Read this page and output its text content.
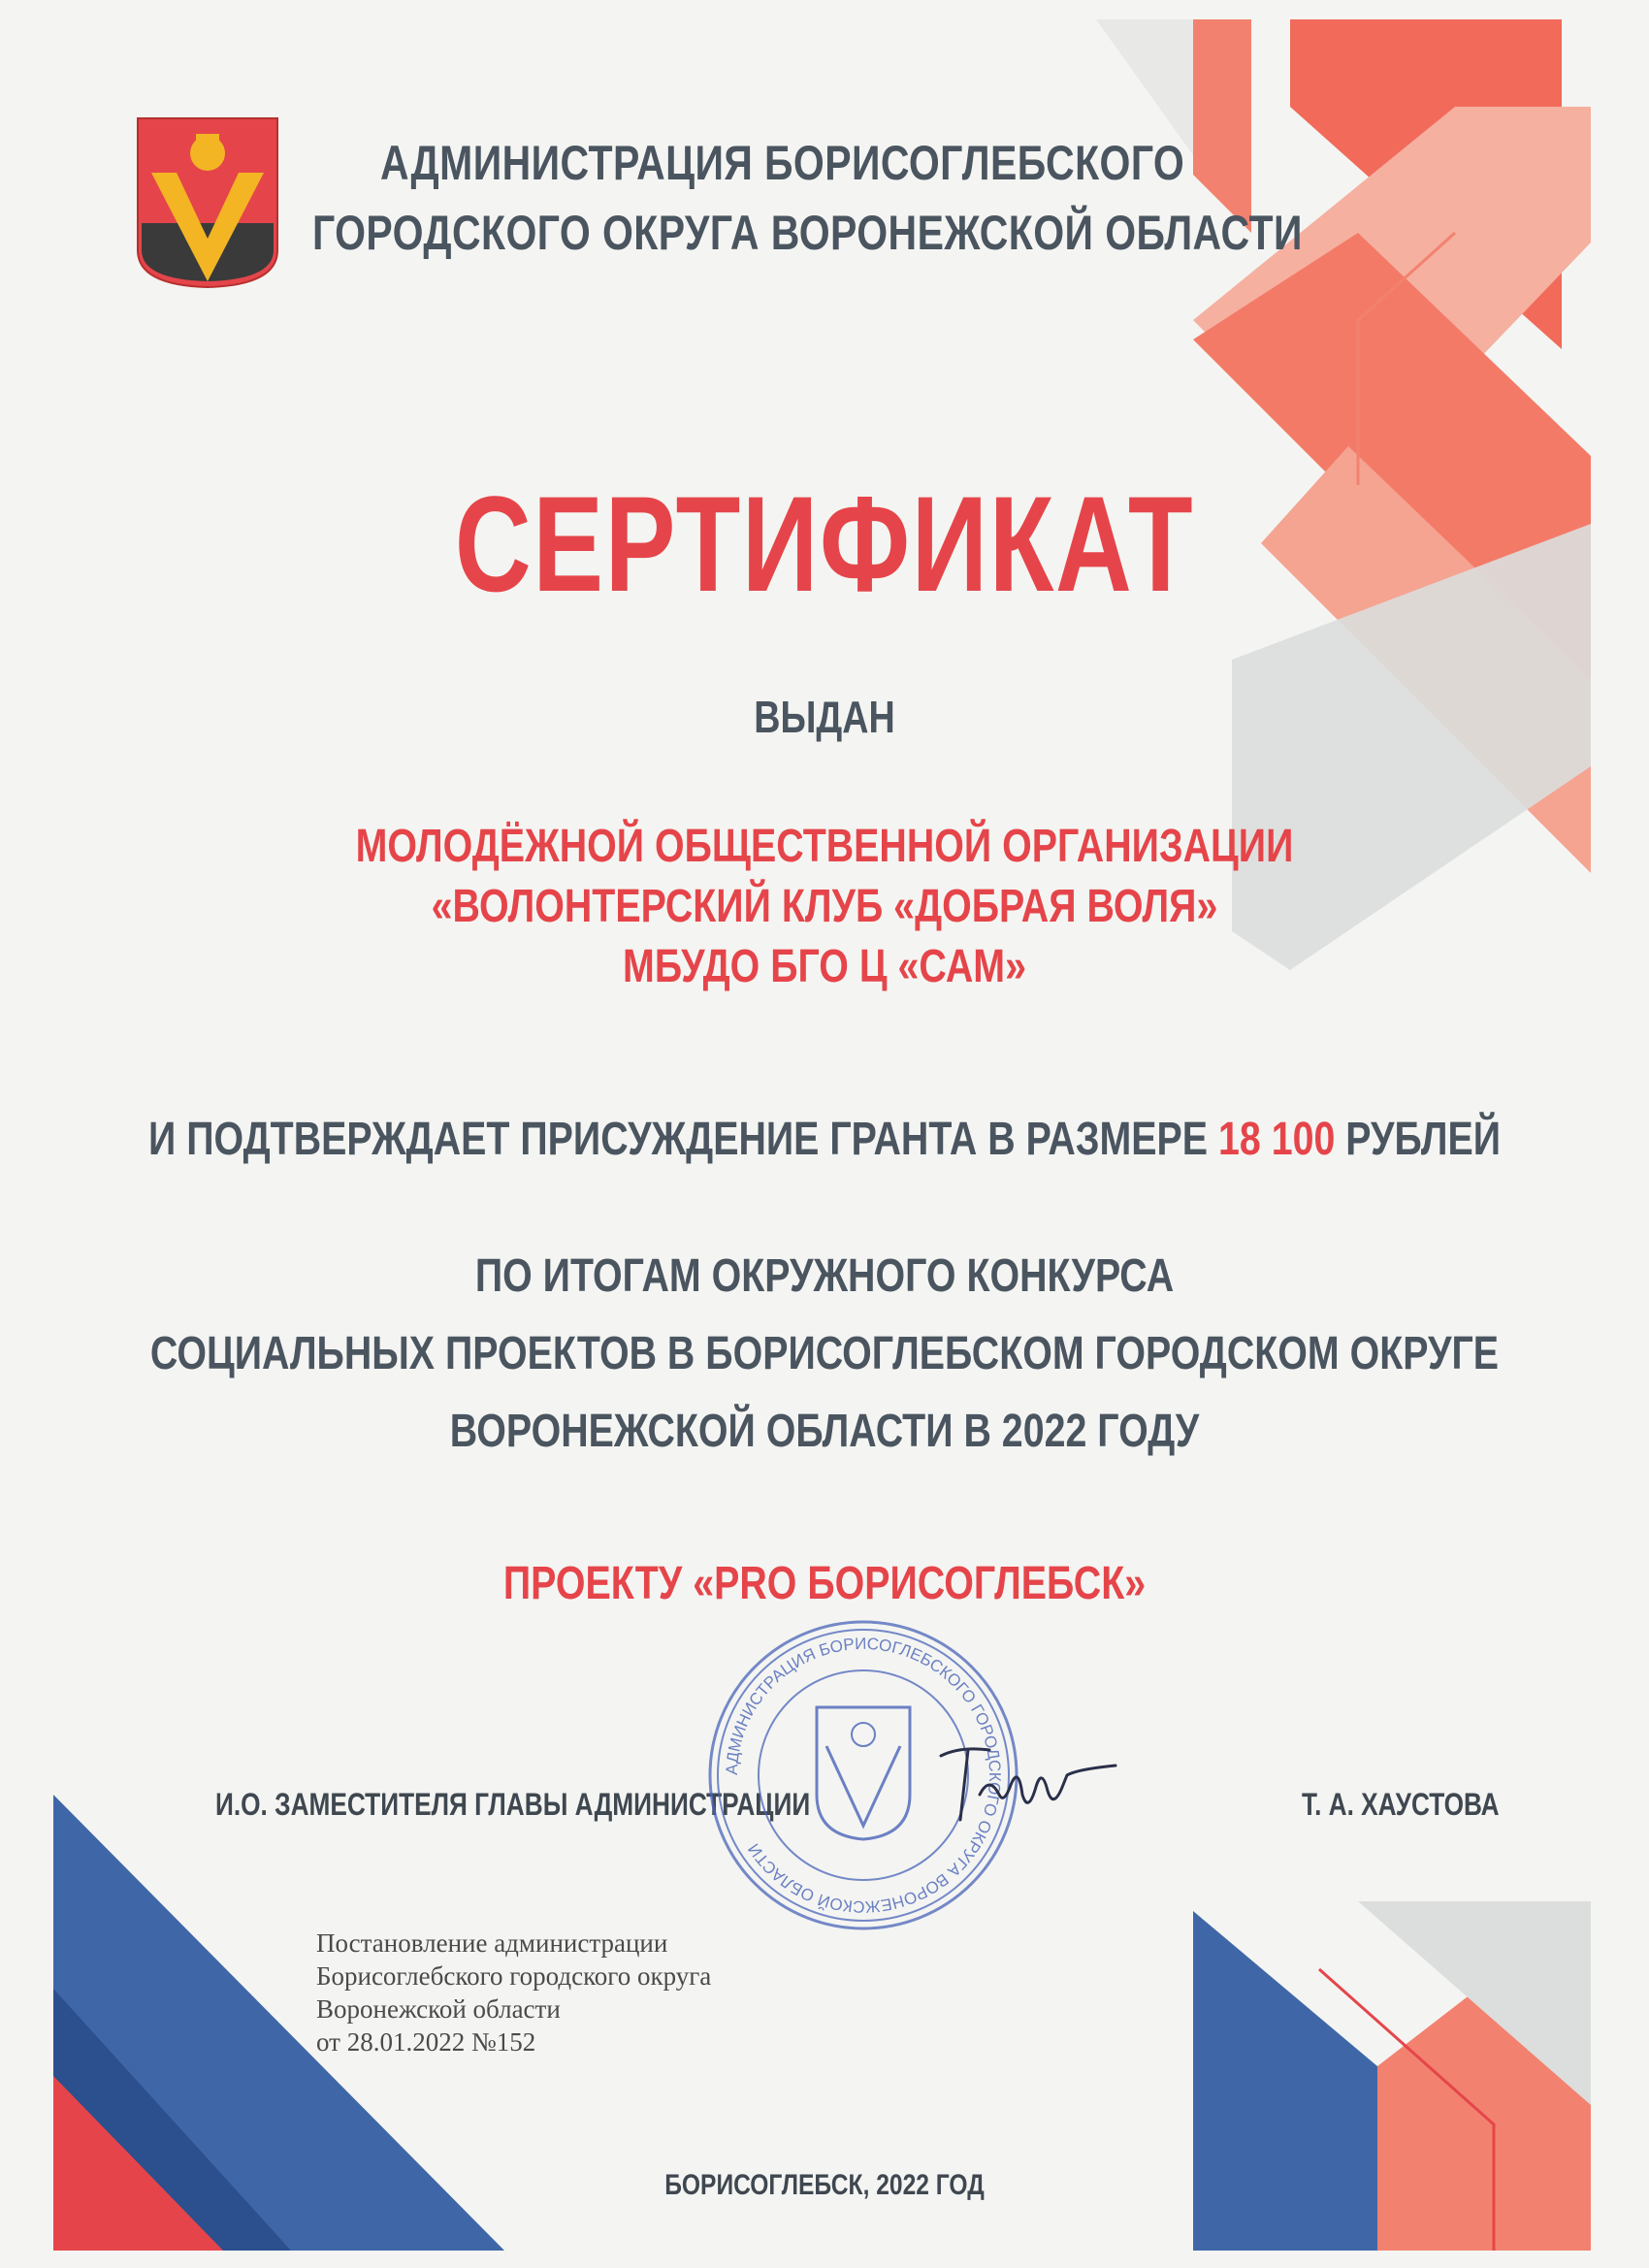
АДМИНИСТРАЦИЯ БОРИСОГЛЕБСКОГО
ГОРОДСКОГО ОКРУГА ВОРОНЕЖСКОЙ ОБЛАСТИ
СЕРТИФИКАТ
ВЫДАН
МОЛОДЁЖНОЙ ОБЩЕСТВЕННОЙ ОРГАНИЗАЦИИ
«ВОЛОНТЕРСКИЙ КЛУБ «ДОБРАЯ ВОЛЯ»
МБУДО БГО Ц «САМ»
И ПОДТВЕРЖДАЕТ ПРИСУЖДЕНИЕ ГРАНТА В РАЗМЕРЕ 18 100 РУБЛЕЙ
ПО ИТОГАМ ОКРУЖНОГО КОНКУРСА
СОЦИАЛЬНЫХ ПРОЕКТОВ В БОРИСОГЛЕБСКОМ ГОРОДСКОМ ОКРУГЕ
ВОРОНЕЖСКОЙ ОБЛАСТИ В 2022 ГОДУ
ПРОЕКТУ «PRO БОРИСОГЛЕБСК»
И.О. ЗАМЕСТИТЕЛЯ ГЛАВЫ АДМИНИСТРАЦИИ	Т. А. ХАУСТОВА
АДМИНИСТРАЦИЯ БОРИСОГЛЕБСКОГО ГОРОДСКОГО ОКРУГА ВОРОНЕЖСКОЙ ОБЛАСТИ
Постановление администрации
Борисоглебского городского округа
Воронежской области
от 28.01.2022 №152
БОРИСОГЛЕБСК, 2022 ГОД
